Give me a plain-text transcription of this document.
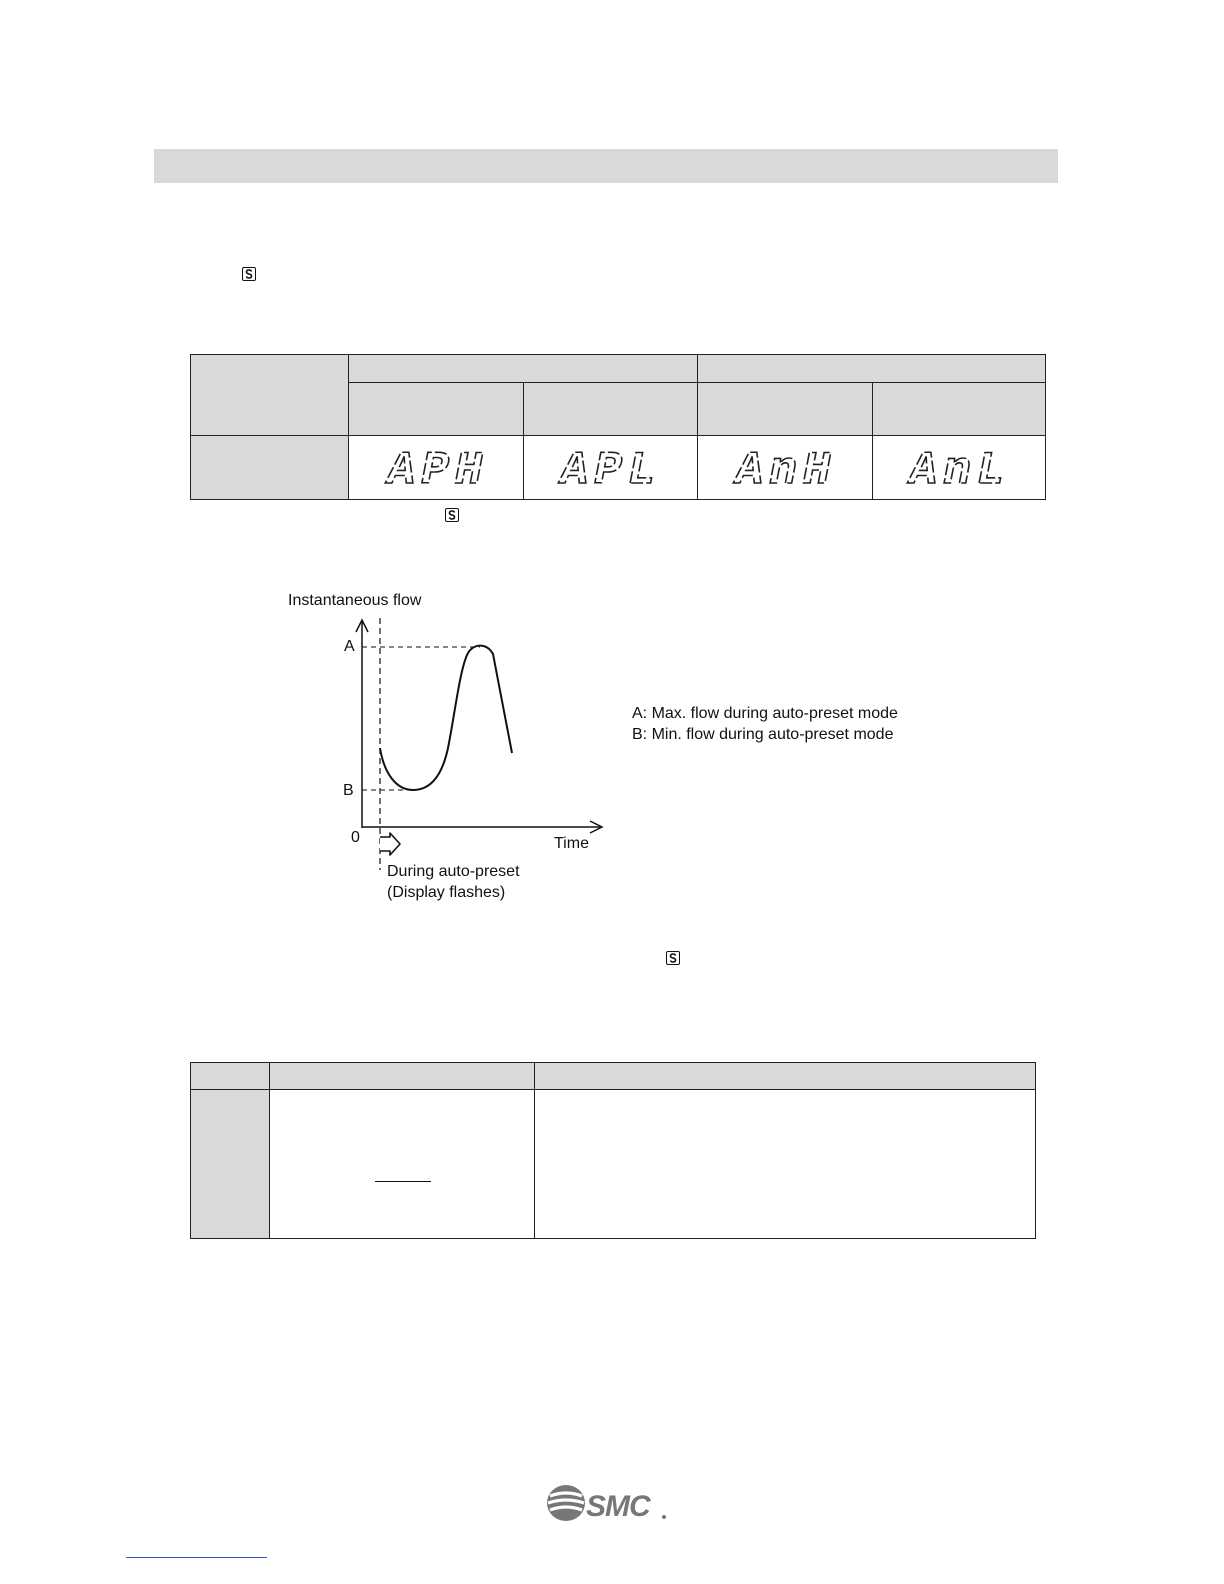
APH APL AnH AnL
Instantaneous flow
A
B
0	Time
During auto-preset
(Display flashes)
A: Max. flow during auto-preset mode
B: Min. flow during auto-preset mode
SMC
